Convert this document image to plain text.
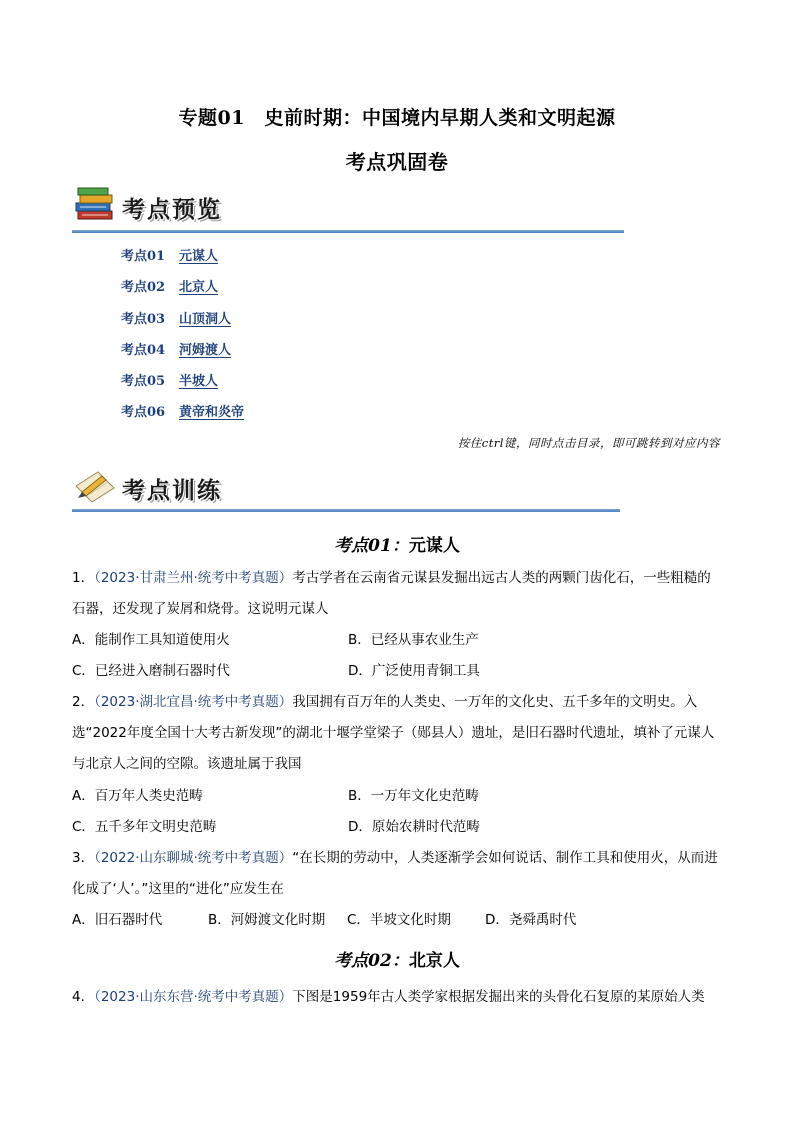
专题01　史前时期：中国境内早期人类和文明起源
考点巩固卷
考点预览
考点01 元谋人
考点02 北京人
考点03 山顶洞人
考点04 河姆渡人
考点05 半坡人
考点06 黄帝和炎帝
按住ctrl键，同时点击目录，即可跳转到对应内容
考点训练
考点01：元谋人
1．（2023·甘肃兰州·统考中考真题）考古学者在云南省元谋县发掘出远古人类的两颗门齿化石，一些粗糙的石器，还发现了炭屑和烧骨。这说明元谋人
A．能制作工具知道使用火	B．已经从事农业生产
C．已经进入磨制石器时代	D．广泛使用青铜工具
2．（2023·湖北宜昌·统考中考真题）我国拥有百万年的人类史、一万年的文化史、五千多年的文明史。入选“2022年度全国十大考古新发现”的湖北十堰学堂梁子（郧县人）遗址，是旧石器时代遗址，填补了元谋人与北京人之间的空隙。该遗址属于我国
A．百万年人类史范畴	B．一万年文化史范畴
C．五千多年文明史范畴	D．原始农耕时代范畴
3．（2022·山东聊城·统考中考真题）“在长期的劳动中，人类逐渐学会如何说话、制作工具和使用火，从而进化成了‘人’。”这里的“进化”应发生在
A．旧石器时代	B．河姆渡文化时期 C．半坡文化时期	D．尧舜禹时代
考点02：北京人
4．（2023·山东东营·统考中考真题）下图是1959年古人类学家根据发掘出来的头骨化石复原的某原始人类
